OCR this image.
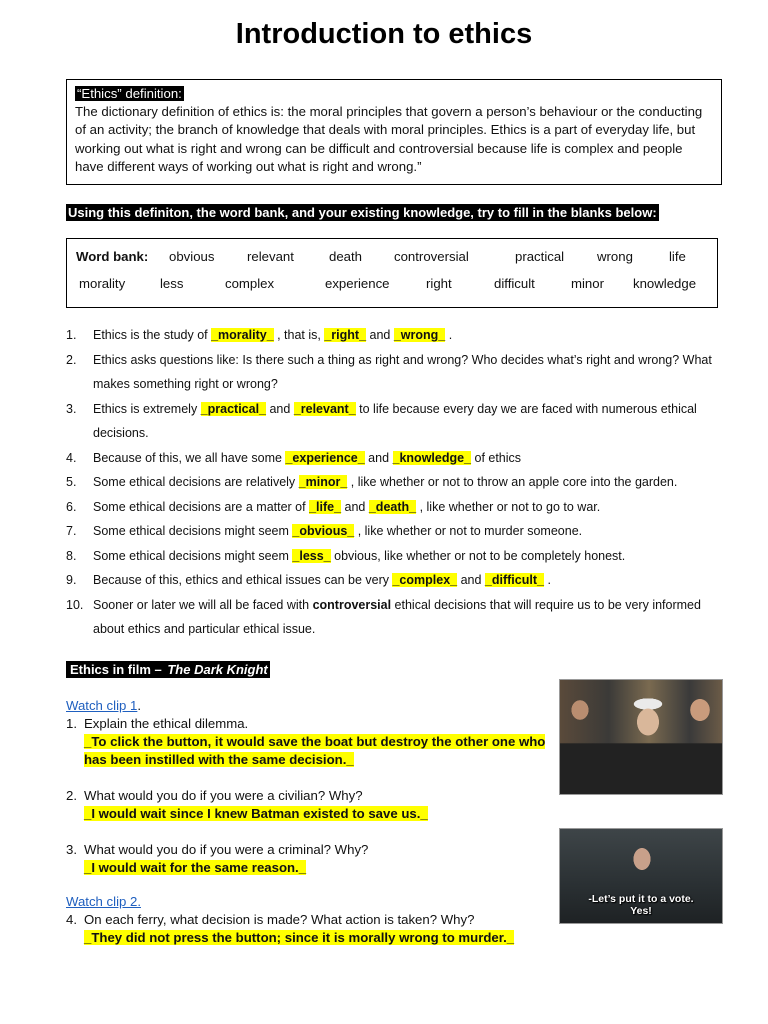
Introduction to ethics
“Ethics” definition:
The dictionary definition of ethics is: the moral principles that govern a person’s behaviour or the conducting of an activity; the branch of knowledge that deals with moral principles. Ethics is a part of everyday life, but working out what is right and wrong can be difficult and controversial because life is complex and people have different ways of working out what is right and wrong.”
Using this definiton, the word bank, and your existing knowledge, try to fill in the blanks below:
Word bank: obvious relevant	death controversial	practical wrong	life
morality	less	complex	experience	right	difficult	minor knowledge
1. Ethics is the study of _morality_ , that is, _right_ and _wrong_ .
2. Ethics asks questions like: Is there such a thing as right and wrong? Who decides what’s right and wrong? What makes something right or wrong?
3. Ethics is extremely _practical_ and _relevant_ to life because every day we are faced with numerous ethical decisions.
4. Because of this, we all have some _experience_ and _knowledge_ of ethics
5. Some ethical decisions are relatively _minor_ , like whether or not to throw an apple core into the garden.
6. Some ethical decisions are a matter of _life_ and _death_ , like whether or not to go to war.
7. Some ethical decisions might seem _obvious_ , like whether or not to murder someone.
8. Some ethical decisions might seem _less_ obvious, like whether or not to be completely honest.
9. Because of this, ethics and ethical issues can be very _complex_ and _difficult_ .
10. Sooner or later we will all be faced with controversial ethical decisions that will require us to be very informed about ethics and particular ethical issue.
Ethics in film – The Dark Knight
Watch clip 1.
1. Explain the ethical dilemma.
_To click the button, it would save the boat but destroy the other one who has been instilled with the same decision._
2. What would you do if you were a civilian? Why?
_I would wait since I knew Batman existed to save us._
3. What would you do if you were a criminal? Why?
_I would wait for the same reason._
Watch clip 2.
4. On each ferry, what decision is made? What action is taken? Why?
_They did not press the button; since it is morally wrong to murder._
-Let’s put it to a vote.
Yes!
